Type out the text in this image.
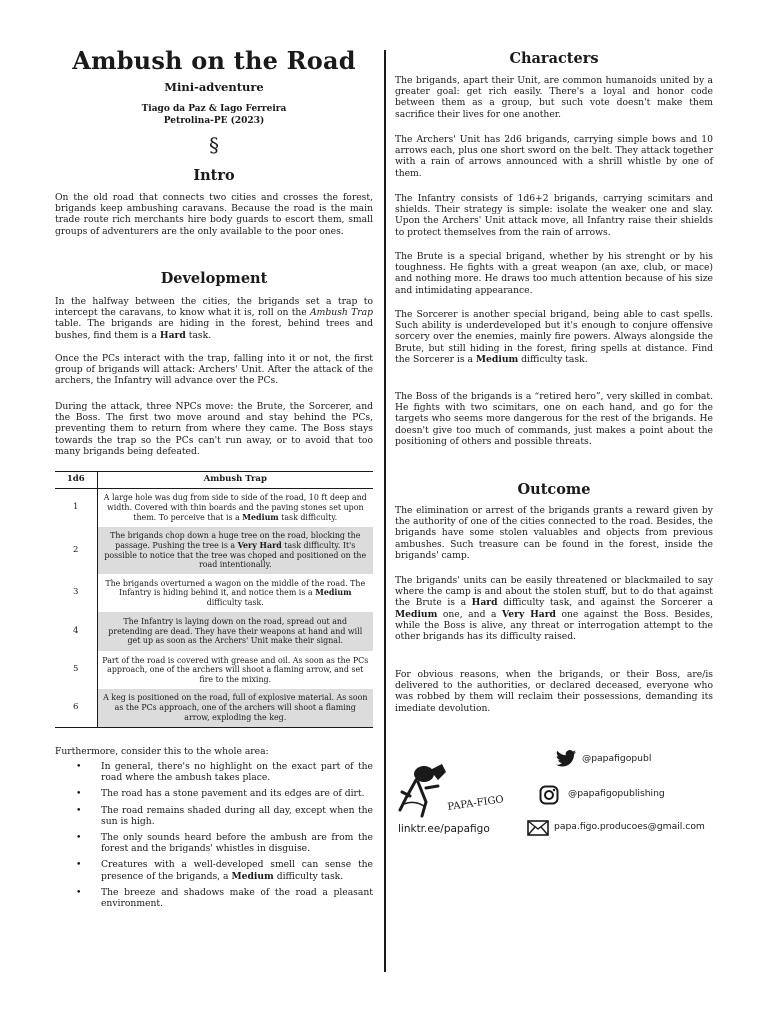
Ambush on the Road
Mini-adventure
Tiago da Paz & Iago Ferreira
Petrolina-PE (2023)
§
Intro
On the old road that connects two cities and crosses the forest, brigands keep ambushing caravans. Because the road is the main trade route rich merchants hire body guards to escort them, small groups of adventurers are the only available to the poor ones.
Development
In the halfway between the cities, the brigands set a trap to intercept the caravans, to know what it is, roll on the Ambush Trap table. The brigands are hiding in the forest, behind trees and bushes, find them is a Hard task.
Once the PCs interact with the trap, falling into it or not, the first group of brigands will attack: Archers' Unit. After the attack of the archers, the Infantry will advance over the PCs.
During the attack, three NPCs move: the Brute, the Sorcerer, and the Boss. The first two move around and stay behind the PCs, preventing them to return from where they came. The Boss stays towards the trap so the PCs can't run away, or to avoid that too many brigands being defeated.
1d6	Ambush Trap
1	A large hole was dug from side to side of the road, 10 ft deep and width. Covered with thin boards and the paving stones set upon them. To perceive that is a Medium task difficulty.
2	The brigands chop down a huge tree on the road, blocking the passage. Pushing the tree is a Very Hard task difficulty. It's possible to notice that the tree was choped and positioned on the road intentionally.
3	The brigands overturned a wagon on the middle of the road. The Infantry is hiding behind it, and notice them is a Medium difficulty task.
4	The Infantry is laying down on the road, spread out and pretending are dead. They have their weapons at hand and will get up as soon as the Archers' Unit make their signal.
5	Part of the road is covered with grease and oil. As soon as the PCs approach, one of the archers will shoot a flaming arrow, and set fire to the mixing.
6	A keg is positioned on the road, full of explosive material. As soon as the PCs approach, one of the archers will shoot a flaming arrow, exploding the keg.
Furthermore, consider this to the whole area:
• In general, there's no highlight on the exact part of the road where the ambush takes place.
• The road has a stone pavement and its edges are of dirt.
• The road remains shaded during all day, except when the sun is high.
• The only sounds heard before the ambush are from the forest and the brigands' whistles in disguise.
• Creatures with a well-developed smell can sense the presence of the brigands, a Medium difficulty task.
• The breeze and shadows make of the road a pleasant environment.
Characters
The brigands, apart their Unit, are common humanoids united by a greater goal: get rich easily. There's a loyal and honor code between them as a group, but such vote doesn't make them sacrifice their lives for one another.
The Archers' Unit has 2d6 brigands, carrying simple bows and 10 arrows each, plus one short sword on the belt. They attack together with a rain of arrows announced with a shrill whistle by one of them.
The Infantry consists of 1d6+2 brigands, carrying scimitars and shields. Their strategy is simple: isolate the weaker one and slay. Upon the Archers' Unit attack move, all Infantry raise their shields to protect themselves from the rain of arrows.
The Brute is a special brigand, whether by his strenght or by his toughness. He fights with a great weapon (an axe, club, or mace) and nothing more. He draws too much attention because of his size and intimidating appearance.
The Sorcerer is another special brigand, being able to cast spells. Such ability is underdeveloped but it's enough to conjure offensive sorcery over the enemies, mainly fire powers. Always alongside the Brute, but still hiding in the forest, firing spells at distance. Find the Sorcerer is a Medium difficulty task.
The Boss of the brigands is a “retired hero”, very skilled in combat. He fights with two scimitars, one on each hand, and go for the targets who seems more dangerous for the rest of the brigands. He doesn't give too much of commands, just makes a point about the positioning of others and possible threats.
Outcome
The elimination or arrest of the brigands grants a reward given by the authority of one of the cities connected to the road. Besides, the brigands have some stolen valuables and objects from previous ambushes. Such treasure can be found in the forest, inside the brigands' camp.
The brigands' units can be easily threatened or blackmailed to say where the camp is and about the stolen stuff, but to do that against the Brute is a Hard difficulty task, and against the Sorcerer a Medium one, and a Very Hard one against the Boss. Besides, while the Boss is alive, any threat or interrogation attempt to the other brigands has its difficulty raised.
For obvious reasons, when the brigands, or their Boss, are/is delivered to the authorities, or declared deceased, everyone who was robbed by them will reclaim their possessions, demanding its imediate devolution.
PAPA-FIGO
linktr.ee/papafigo
@papafigopubl
@papafigopublishing
papa.figo.producoes@gmail.com
